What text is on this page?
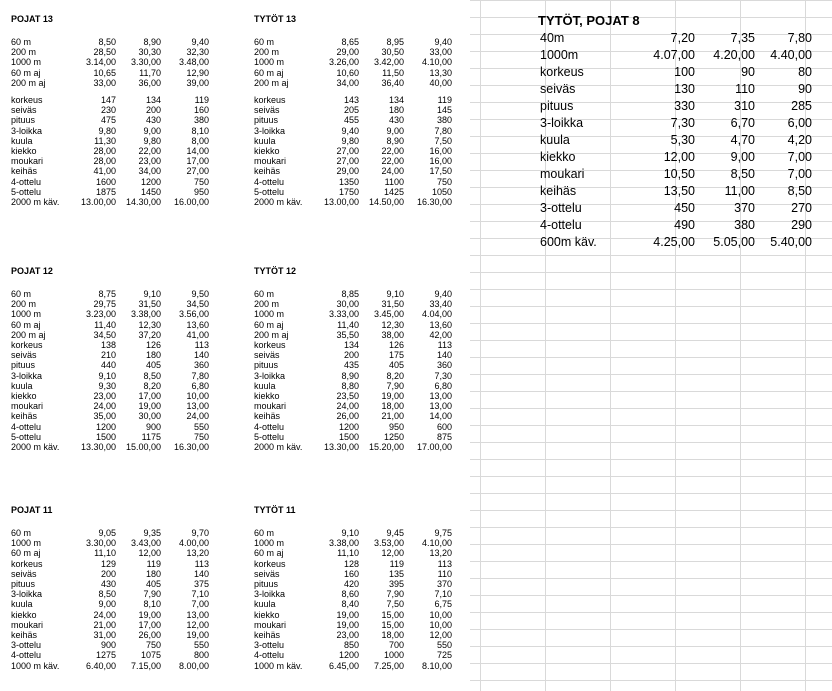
POJAT 13
60 m	8,50	8,90	9,40
200 m	28,50	30,30	32,30
1000 m	3.14,00	3.30,00	3.48,00
60 m aj	10,65	11,70	12,90
200 m aj	33,00	36,00	39,00
korkeus	147	134	119
seiväs	230	200	160
pituus	475	430	380
3-loikka	9,80	9,00	8,10
kuula	11,30	9,80	8,00
kiekko	28,00	22,00	14,00
moukari	28,00	23,00	17,00
keihäs	41,00	34,00	27,00
4-ottelu	1600	1200	750
5-ottelu	1875	1450	950
2000 m käv.	13.00,00	14.30,00	16.00,00
TYTÖT 13
60 m	8,65	8,95	9,40
200 m	29,00	30,50	33,00
1000 m	3.26,00	3.42,00	4.10,00
60 m aj	10,60	11,50	13,30
200 m aj	34,00	36,40	40,00
korkeus	143	134	119
seiväs	205	180	145
pituus	455	430	380
3-loikka	9,40	9,00	7,80
kuula	9,80	8,90	7,50
kiekko	27,00	22,00	16,00
moukari	27,00	22,00	16,00
keihäs	29,00	24,00	17,50
4-ottelu	1350	1100	750
5-ottelu	1750	1425	1050
2000 m käv.	13.00,00	14.50,00	16.30,00
POJAT 12
60 m	8,75	9,10	9,50
200 m	29,75	31,50	34,50
1000 m	3.23,00	3.38,00	3.56,00
60 m aj	11,40	12,30	13,60
200 m aj	34,50	37,20	41,00
korkeus	138	126	113
seiväs	210	180	140
pituus	440	405	360
3-loikka	9,10	8,50	7,80
kuula	9,30	8,20	6,80
kiekko	23,00	17,00	10,00
moukari	24,00	19,00	13,00
keihäs	35,00	30,00	24,00
4-ottelu	1200	900	550
5-ottelu	1500	1175	750
2000 m käv.	13.30,00	15.00,00	16.30,00
TYTÖT 12
60 m	8,85	9,10	9,40
200 m	30,00	31,50	33,40
1000 m	3.33,00	3.45,00	4.04,00
60 m aj	11,40	12,30	13,60
200 m aj	35,50	38,00	42,00
korkeus	134	126	113
seiväs	200	175	140
pituus	435	405	360
3-loikka	8,90	8,20	7,30
kuula	8,80	7,90	6,80
kiekko	23,50	19,00	13,00
moukari	24,00	18,00	13,00
keihäs	26,00	21,00	14,00
4-ottelu	1200	950	600
5-ottelu	1500	1250	875
2000 m käv.	13.30,00	15.20,00	17.00,00
POJAT 11
60 m	9,05	9,35	9,70
1000 m	3.30,00	3.43,00	4.00,00
60 m aj	11,10	12,00	13,20
korkeus	129	119	113
seiväs	200	180	140
pituus	430	405	375
3-loikka	8,50	7,90	7,10
kuula	9,00	8,10	7,00
kiekko	24,00	19,00	13,00
moukari	21,00	17,00	12,00
keihäs	31,00	26,00	19,00
3-ottelu	900	750	550
4-ottelu	1275	1075	800
1000 m käv.	6.40,00	7.15,00	8.00,00
TYTÖT 11
60 m	9,10	9,45	9,75
1000 m	3.38,00	3.53,00	4.10,00
60 m aj	11,10	12,00	13,20
korkeus	128	119	113
seiväs	160	135	110
pituus	420	395	370
3-loikka	8,60	7,90	7,10
kuula	8,40	7,50	6,75
kiekko	19,00	15,00	10,00
moukari	19,00	15,00	10,00
keihäs	23,00	18,00	12,00
3-ottelu	850	700	550
4-ottelu	1200	1000	725
1000 m käv.	6.45,00	7.25,00	8.10,00
TYTÖT, POJAT 8
40m	7,20	7,35	7,80
1000m	4.07,00	4.20,00	4.40,00
korkeus	100	90	80
seiväs	130	110	90
pituus	330	310	285
3-loikka	7,30	6,70	6,00
kuula	5,30	4,70	4,20
kiekko	12,00	9,00	7,00
moukari	10,50	8,50	7,00
keihäs	13,50	11,00	8,50
3-ottelu	450	370	270
4-ottelu	490	380	290
600m käv.	4.25,00	5.05,00	5.40,00
